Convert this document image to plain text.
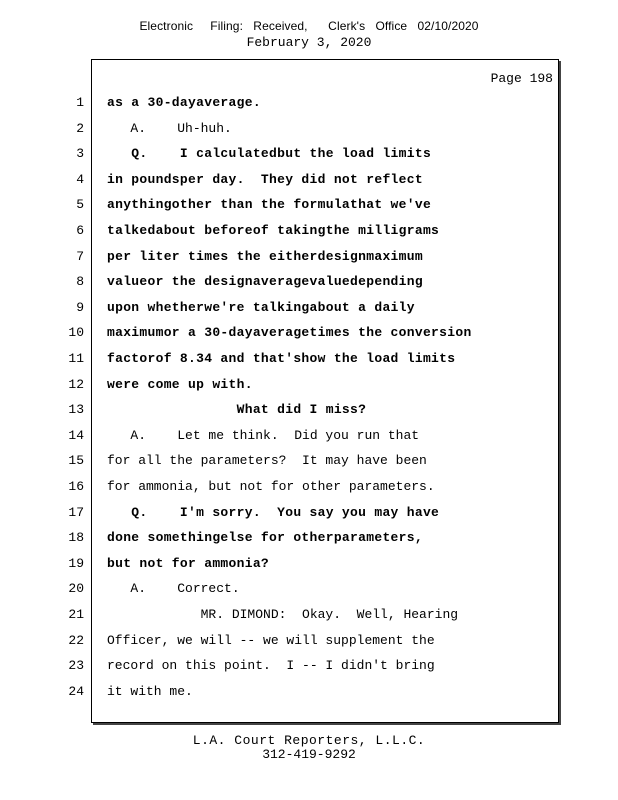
Electronic     Filing:   Received,      Clerk's   Office   02/10/2020
February 3, 2020
Page 198
1 as a 30-dayaverage.
2 A.    Uh-huh.
3 Q.    I calculatedbut the load limits
4 in poundsper day.  They did not reflect
5 anythingother than the formulathat we've
6 talkedabout beforeof takingthe milligrams
7 per liter times the eitherdesignmaximum
8 valueor the designaveragevaluedepending
9 upon whetherwe're talkingabout a daily
10 maximumor a 30-dayaveragetimes the conversion
11 factorof 8.34 and that'show the load limits
12 were come up with.
13 What did I miss?
14 A.    Let me think.  Did you run that
15 for all the parameters?  It may have been
16 for ammonia, but not for other parameters.
17 Q.    I'm sorry.  You say you may have
18 done somethingelse for otherparameters,
19 but not for ammonia?
20 A.    Correct.
21 MR. DIMOND:  Okay.  Well, Hearing
22 Officer, we will -- we will supplement the
23 record on this point.  I -- I didn't bring
24 it with me.
L.A. Court Reporters, L.L.C.
312-419-9292
